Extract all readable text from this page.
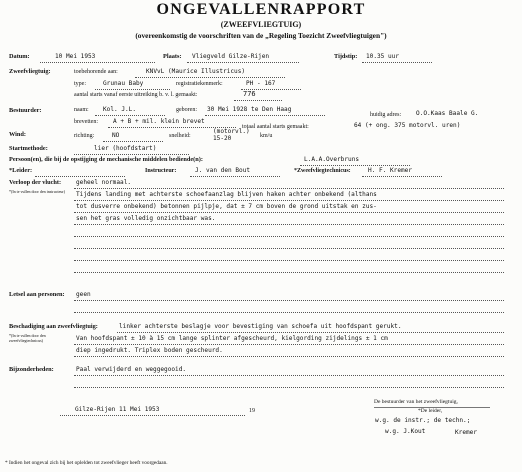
ONGEVALLENRAPPORT
(ZWEEFVLIEGTUIG)
(overeenkomstig de voorschriften van de „Regeling Toezicht Zweefvliegtuigen")
Datum:	10 Mei 1953	Plaats: Vliegveld Gilze-Rijen	Tijdstip: 10.35 uur
Zweefvliegtuig:	toebehorende aan:	KNVvL (Maurice Illustricus)
type:	Grunau Baby	registratiekenmerk:	PH - 167
aantal starts vanaf eerste uitreiking b. v. l. gemaakt:	776
Bestuurder:	naam: Kol. J.L.	geboren: 30 Mei 1928 te Den Haag
huidig adres: O.O.Kaas Baale G.
brevetten: A + B + mil. klein brevet
totaal aantal starts gemaakt:	64 (+ ong. 375 motorvl. uren)
Wind:	richting:	NO	snelheid:
(motorvl.) 15-20	km/u
Startmethode:	lier (hoofdstart)
Persoon(en), die bij de opstijging de mechanische middelen bediende(n):	L.A.A.Overbruns
*Leider:	Instructeur:	J. van den Bout	*Zweefvliegtechnicus:	H. F. Kremer
Verloop der vlucht:
*(In te vullen door den instructeur)
geheel normaal.
Tijdens landing met achterste schoefaanzlag blijven haken achter onbekend (althans
tot dusverre onbekend) betonnen pijlpje, dat ± 7 cm boven de grond uitstak en zus-
sen het gras volledig onzichtbaar was.
Letsel aan personen: geen
Beschadiging aan zweefvliegtuig:
*(In te vullen door den zweefvliegtechnicus)
linker achterste beslagje voor bevestiging van schoefa uit hoofdspant gerukt.
Van hoofdspant ± 10 à 15 cm lange splinter afgescheurd, kielgording zijdelings ± 1 cm
diep ingedrukt. Triplex boden gescheurd.
Bijzonderheden:	Paal verwijderd en weggegooid.
Gilze-Rijen 11 Mei 1953	19
De bestuurder van het zweefvliegtuig,
*De leider,
w.g. de instr.; de techn.;
w.g. J.Kout	Kremer
* Indien het ongeval zich bij het oplelden tot zweefvlieger heeft voorgedaan.
